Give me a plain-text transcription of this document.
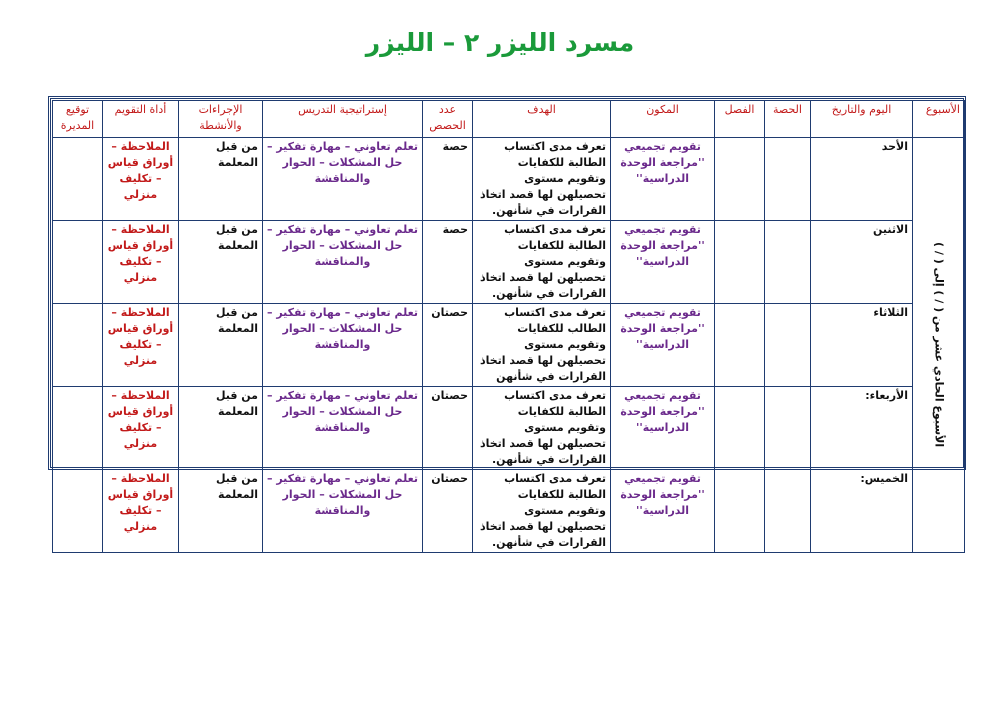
مسرد الليزر ٢ – الليزر
الأسبوع	اليوم والتاريخ	الحصة	الفصل	المكون	الهدف	عدد الحصص	إستراتيجية التدريس	الإجراءات والأنشطة	أداة التقويم	توقيع المديرة

الأسبوع الحادي عشر من ( / ) إلى ( / )	الأحد			تقويم تجميعي ''مراجعة الوحدة الدراسية''	تعرف مدى اكتساب الطالبة للكفايات وتقويم مستوى تحصيلهن لها قصد اتخاذ القرارات في شأنهن.	حصة	تعلم تعاوني – مهارة تفكير – حل المشكلات – الحوار والمناقشة	من قبل المعلمة	الملاحظة – أوراق قياس – تكليف منزلي	
	الاثنين			تقويم تجميعي ''مراجعة الوحدة الدراسية''	تعرف مدى اكتساب الطالبة للكفايات وتقويم مستوى تحصيلهن لها قصد اتخاذ القرارات في شأنهن.	حصة	تعلم تعاوني – مهارة تفكير – حل المشكلات – الحوار والمناقشة	من قبل المعلمة	الملاحظة – أوراق قياس – تكليف منزلي	
	الثلاثاء			تقويم تجميعي ''مراجعة الوحدة الدراسية''	تعرف مدى اكتساب الطالب للكفايات وتقويم مستوى تحصيلهن لها قصد اتخاذ القرارات في شأنهن	حصتان	تعلم تعاوني – مهارة تفكير – حل المشكلات – الحوار والمناقشة	من قبل المعلمة	الملاحظة – أوراق قياس – تكليف منزلي	
	الأربعاء:			تقويم تجميعي ''مراجعة الوحدة الدراسية''	تعرف مدى اكتساب الطالبة للكفايات وتقويم مستوى تحصيلهن لها قصد اتخاذ القرارات في شأنهن.	حصتان	تعلم تعاوني – مهارة تفكير – حل المشكلات – الحوار والمناقشة	من قبل المعلمة	الملاحظة – أوراق قياس – تكليف منزلي	
	الخميس:			تقويم تجميعي ''مراجعة الوحدة الدراسية''	تعرف مدى اكتساب الطالبة للكفايات وتقويم مستوى تحصيلهن لها قصد اتخاذ القرارات في شأنهن.	حصتان	تعلم تعاوني – مهارة تفكير – حل المشكلات – الحوار والمناقشة	من قبل المعلمة	الملاحظة – أوراق قياس – تكليف منزلي	
